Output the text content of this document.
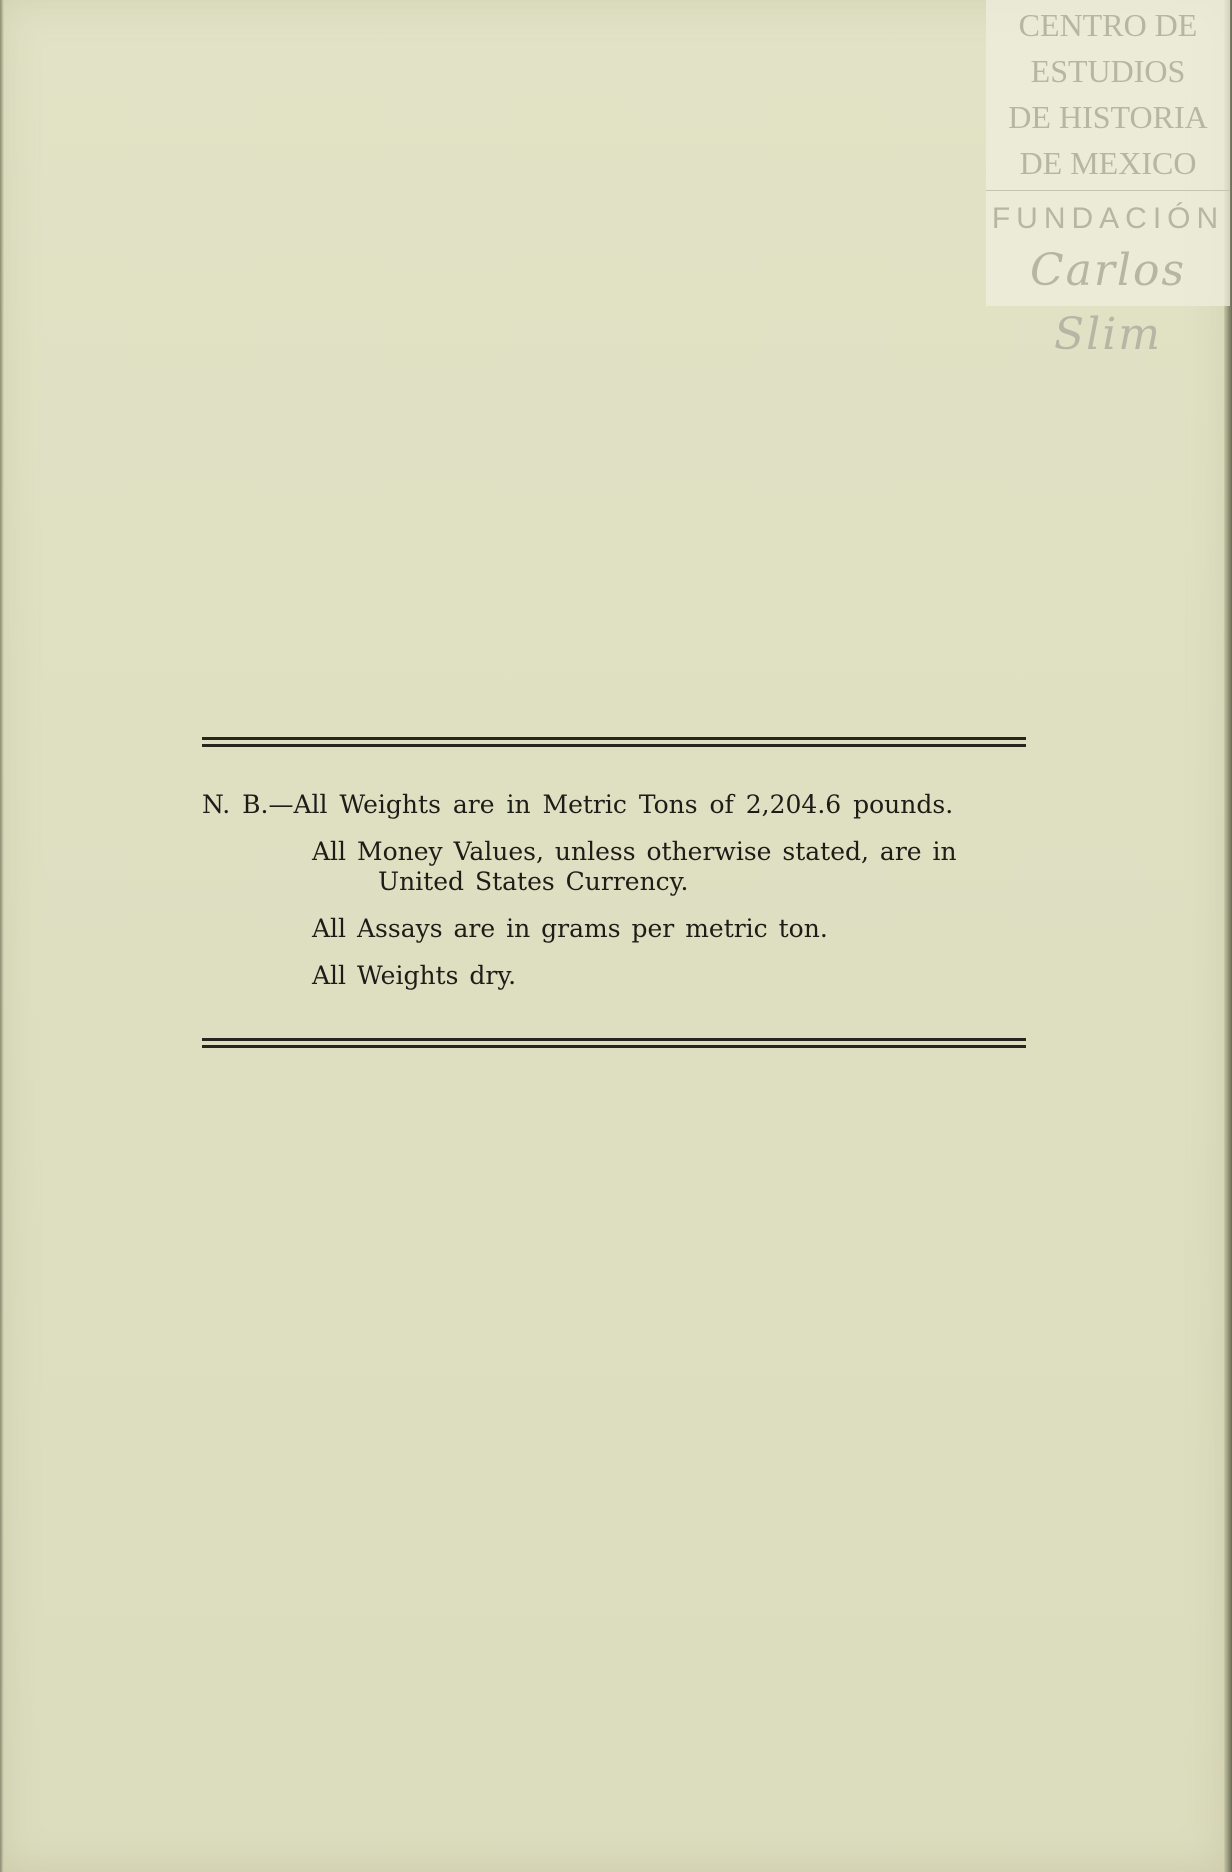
CENTRO DE
ESTUDIOS
DE HISTORIA
DE MEXICO
FUNDACIÓN
Carlos Slim
N. B.—All Weights are in Metric Tons of 2,204.6 pounds.
All Money Values, unless otherwise stated, are in
United States Currency.
All Assays are in grams per metric ton.
All Weights dry.
